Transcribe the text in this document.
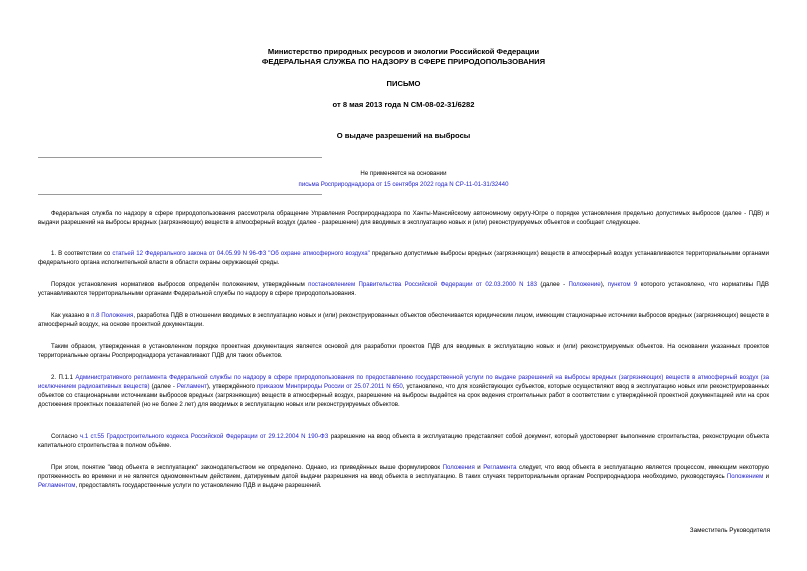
Министерство природных ресурсов и экологии Российской Федерации
ФЕДЕРАЛЬНАЯ СЛУЖБА ПО НАДЗОРУ В СФЕРЕ ПРИРОДОПОЛЬЗОВАНИЯ
ПИСЬМО
от 8 мая 2013 года N СМ-08-02-31/6282
О выдаче разрешений на выбросы
Не применяется на основании
письма Росприроднадзора от 15 сентября 2022 года N СР-11-01-31/32440
Федеральная служба по надзору в сфере природопользования рассмотрела обращение Управления Росприроднадзора по Ханты-Мансийскому автономному округу-Югре о порядке установления предельно допустимых выбросов (далее - ПДВ) и выдачи разрешений на выбросы вредных (загрязняющих) веществ в атмосферный воздух (далее - разрешение) для вводимых в эксплуатацию новых и (или) реконструируемых объектов и сообщает следующее.
1. В соответствии со статьей 12 Федерального закона от 04.05.99 N 96-ФЗ "Об охране атмосферного воздуха" предельно допустимые выбросы вредных (загрязняющих) веществ в атмосферный воздух устанавливаются территориальными органами федерального органа исполнительной власти в области охраны окружающей среды.
Порядок установления нормативов выбросов определён положением, утверждённым постановлением Правительства Российской Федерации от 02.03.2000 N 183 (далее - Положение), пунктом 9 которого установлено, что нормативы ПДВ устанавливаются территориальными органами Федеральной службы по надзору в сфере природопользования.
Как указано в п.8 Положения, разработка ПДВ в отношении вводимых в эксплуатацию новых и (или) реконструированных объектов обеспечивается юридическим лицом, имеющим стационарные источники выбросов вредных (загрязняющих) веществ в атмосферный воздух, на основе проектной документации.
Таким образом, утвержденная в установленном порядке проектная документация является основой для разработки проектов ПДВ для вводимых в эксплуатацию новых и (или) реконструируемых объектов. На основании указанных проектов территориальные органы Росприроднадзора устанавливают ПДВ для таких объектов.
2. П.1.1 Административного регламента Федеральной службы по надзору в сфере природопользования по предоставлению государственной услуги по выдаче разрешений на выбросы вредных (загрязняющих) веществ в атмосферный воздух (за исключением радиоактивных веществ) (далее - Регламент), утверждённого приказом Минприроды России от 25.07.2011 N 650, установлено, что для хозяйствующих субъектов, которые осуществляют ввод в эксплуатацию новых или реконструированных объектов со стационарными источниками выбросов вредных (загрязняющих) веществ в атмосферный воздух, разрешение на выбросы выдаётся на срок ведения строительных работ в соответствии с утверждённой проектной документацией или на срок достижения проектных показателей (но не более 2 лет) для вводимых в эксплуатацию новых или реконструируемых объектов.
Согласно ч.1 ст.55 Градостроительного кодекса Российской Федерации от 29.12.2004 N 190-ФЗ разрешение на ввод объекта в эксплуатацию представляет собой документ, который удостоверяет выполнение строительства, реконструкции объекта капитального строительства в полном объёме.
При этом, понятие "ввод объекта в эксплуатацию" законодательством не определено. Однако, из приведённых выше формулировок Положения и Регламента следует, что ввод объекта в эксплуатацию является процессом, имеющим некоторую протяженность во времени и не является одномоментным действием, датируемым датой выдачи разрешения на ввод объекта в эксплуатацию. В таких случаях территориальным органам Росприроднадзора необходимо, руководствуясь Положением и Регламентом, предоставлять государственные услуги по установлению ПДВ и выдаче разрешений.
Заместитель Руководителя
